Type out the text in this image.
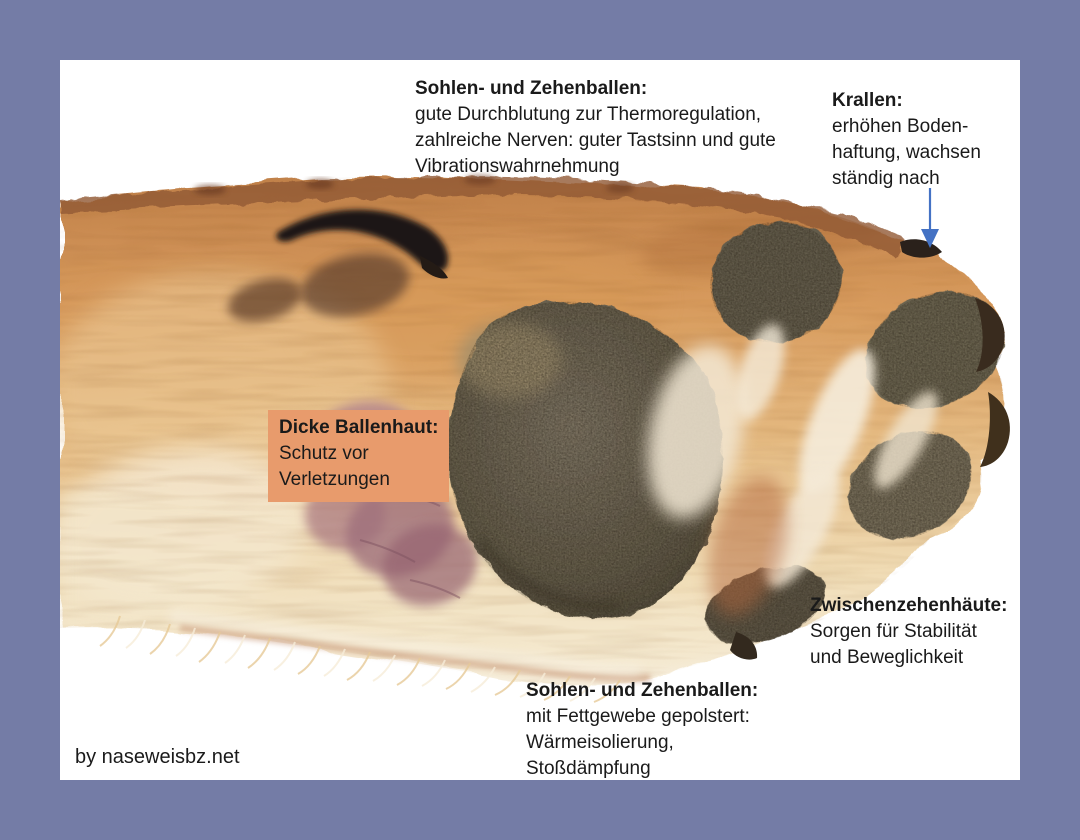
Sohlen- und Zehenballen:
gute Durchblutung zur Thermoregulation,
zahlreiche Nerven: guter Tastsinn und gute
Vibrationswahrnehmung
Krallen:
erhöhen Boden-
haftung, wachsen
ständig nach
Dicke Ballenhaut:
Schutz vor
Verletzungen
Zwischenzehenhäute:
Sorgen für Stabilität
und Beweglichkeit
Sohlen- und Zehenballen:
mit Fettgewebe gepolstert:
Wärmeisolierung,
Stoßdämpfung
by naseweisbz.net
